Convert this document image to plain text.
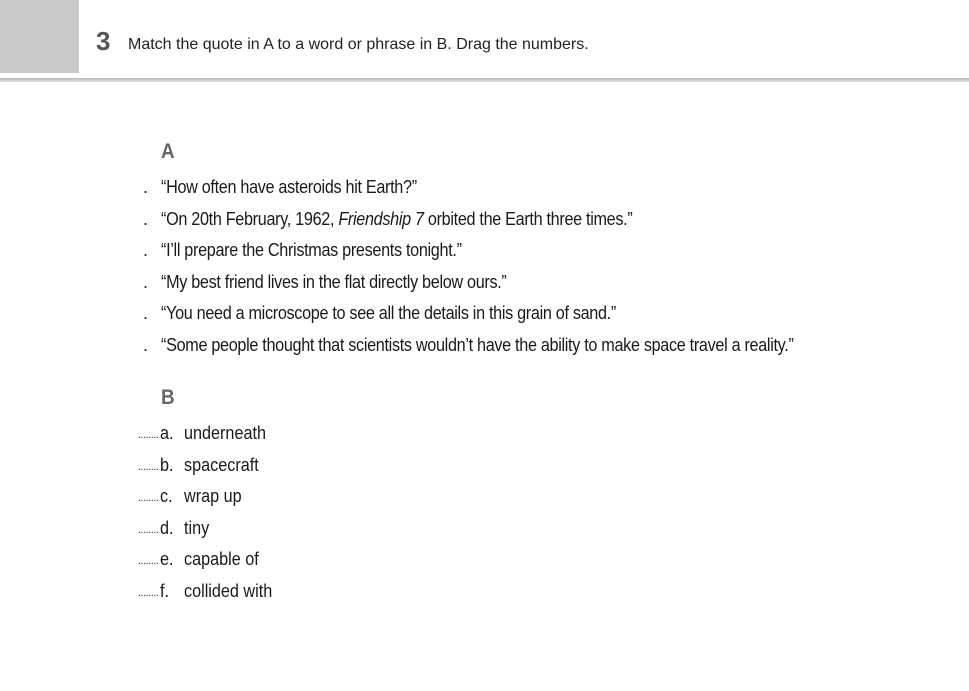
3 Match the quote in A to a word or phrase in B. Drag the numbers.
A
. “How often have asteroids hit Earth?”
. “On 20th February, 1962, Friendship 7 orbited the Earth three times.”
. “I’ll prepare the Christmas presents tonight.”
. “My best friend lives in the flat directly below ours.”
. “You need a microscope to see all the details in this grain of sand.”
. “Some people thought that scientists wouldn’t have the ability to make space travel a reality.”
B
........ a. underneath
........ b. spacecraft
........ c. wrap up
........ d. tiny
........ e. capable of
........ f. collided with
